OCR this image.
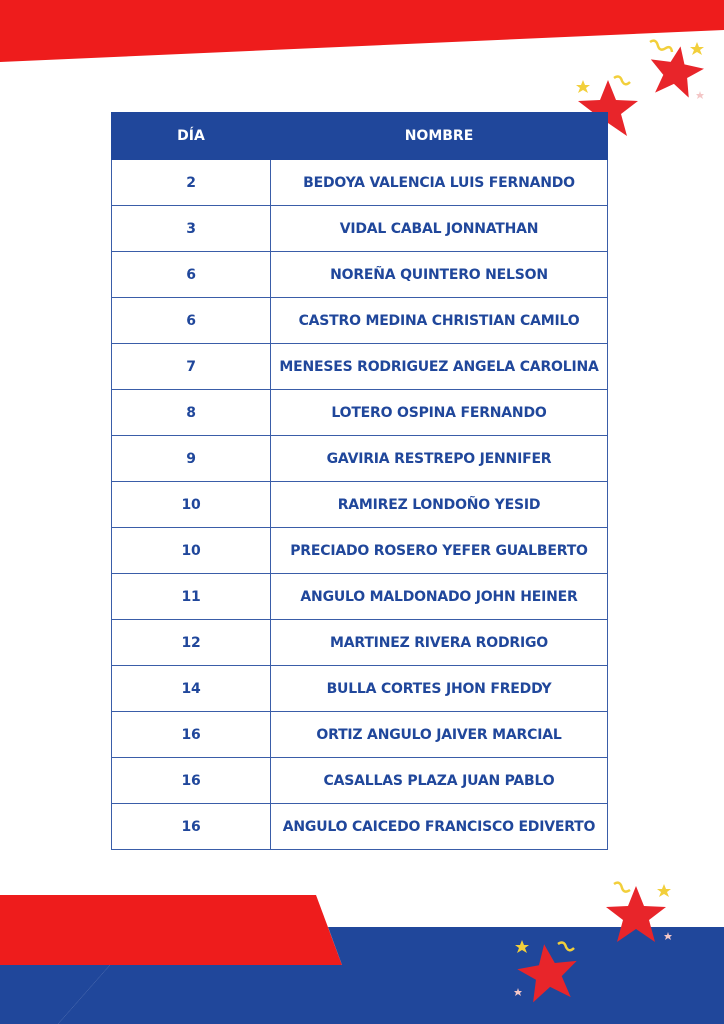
DÍA	NOMBRE
2	BEDOYA VALENCIA LUIS FERNANDO
3	VIDAL CABAL JONNATHAN
6	NOREÑA QUINTERO NELSON
6	CASTRO MEDINA CHRISTIAN CAMILO
7	MENESES RODRIGUEZ ANGELA CAROLINA
8	LOTERO OSPINA FERNANDO
9	GAVIRIA RESTREPO JENNIFER
10	RAMIREZ LONDOÑO YESID
10	PRECIADO ROSERO YEFER GUALBERTO
11	ANGULO MALDONADO JOHN HEINER
12	MARTINEZ RIVERA RODRIGO
14	BULLA CORTES JHON FREDDY
16	ORTIZ ANGULO JAIVER MARCIAL
16	CASALLAS PLAZA JUAN PABLO
16	ANGULO CAICEDO FRANCISCO EDIVERTO
